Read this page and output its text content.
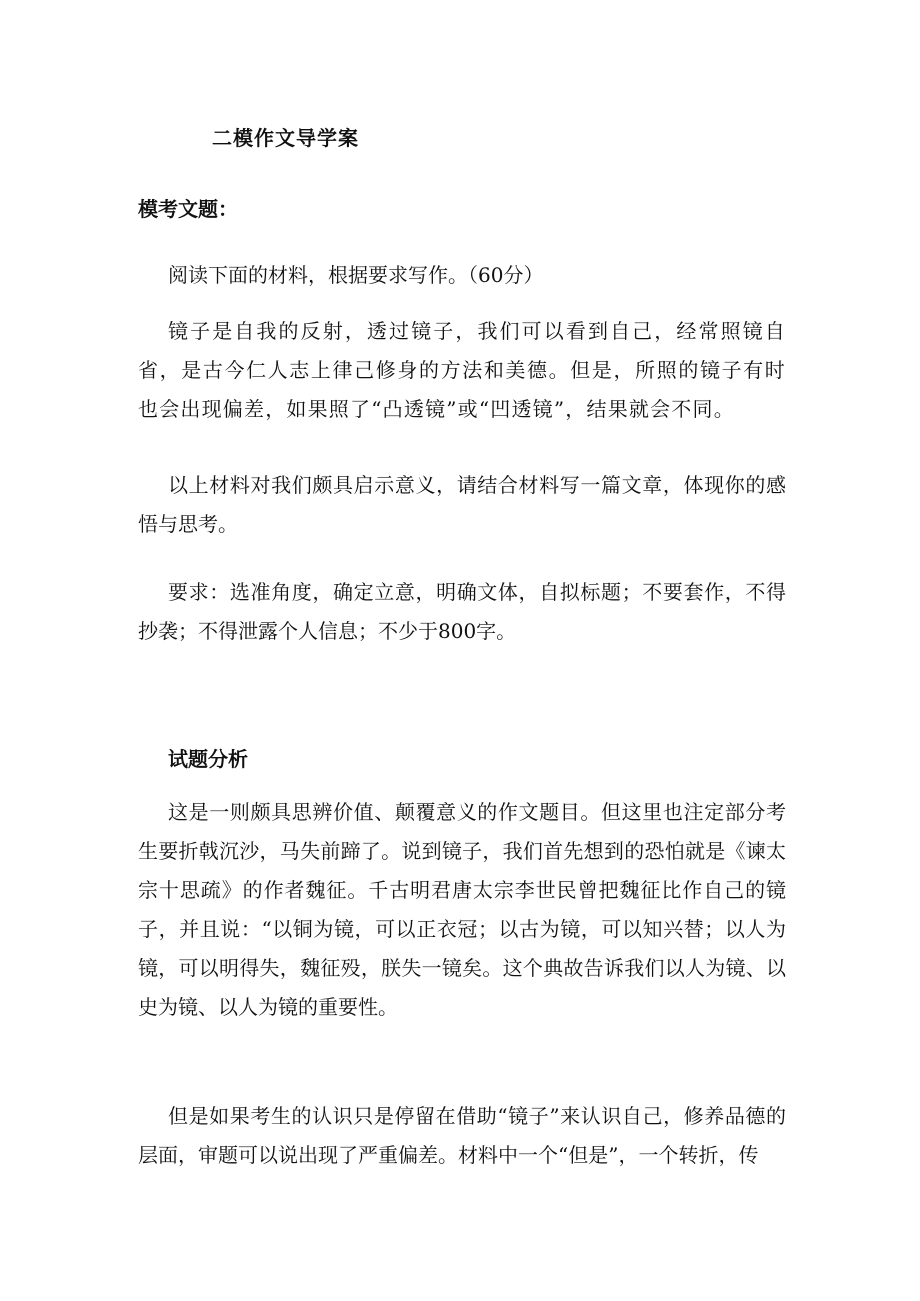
二模作文导学案
模考文题：

阅读下面的材料，根据要求写作。（60分）

镜子是自我的反射，透过镜子，我们可以看到自己，经常照镜自省，是古今仁人志上律己修身的方法和美德。但是，所照的镜子有时也会出现偏差，如果照了“凸透镜”或“凹透镜”，结果就会不同。

以上材料对我们颇具启示意义，请结合材料写一篇文章，体现你的感悟与思考。

要求：选准角度，确定立意，明确文体，自拟标题；不要套作，不得抄袭；不得泄露个人信息；不少于800字。

试题分析

这是一则颇具思辨价值、颠覆意义的作文题目。但这里也注定部分考生要折戟沉沙，马失前蹄了。说到镜子，我们首先想到的恐怕就是《谏太宗十思疏》的作者魏征。千古明君唐太宗李世民曾把魏征比作自己的镜子，并且说：“以铜为镜，可以正衣冠；以古为镜，可以知兴替；以人为镜，可以明得失，魏征殁，朕失一镜矣。这个典故告诉我们以人为镜、以史为镜、以人为镜的重要性。

但是如果考生的认识只是停留在借助“镜子”来认识自己，修养品德的层面，审题可以说出现了严重偏差。材料中一个“但是”，一个转折，传
